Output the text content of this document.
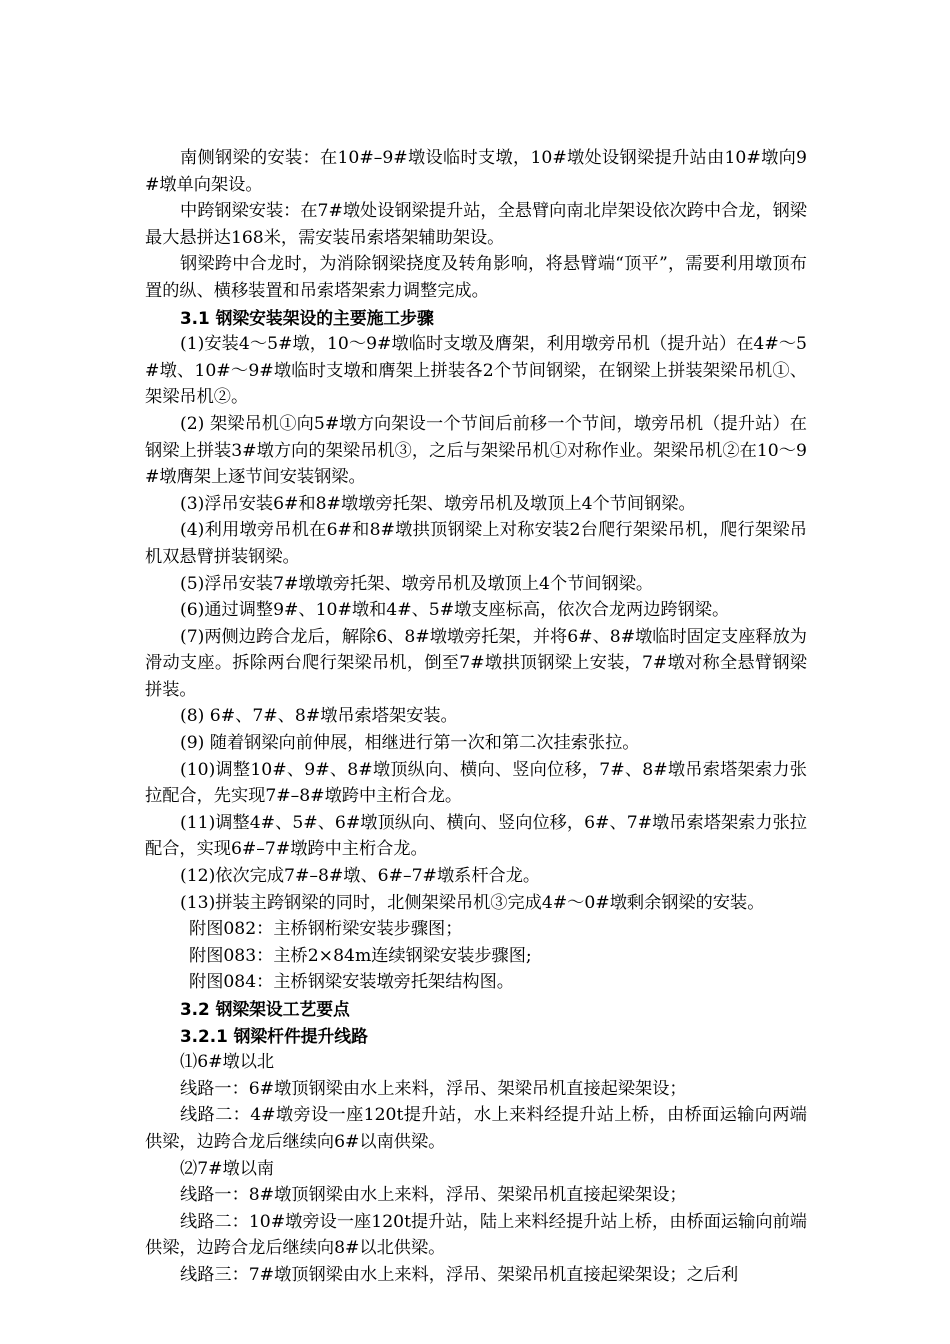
南侧钢梁的安装：在10#–9#墩设临时支墩，10#墩处设钢梁提升站由10#墩向9#墩单向架设。

中跨钢梁安装：在7#墩处设钢梁提升站，全悬臂向南北岸架设依次跨中合龙，钢梁最大悬拼达168米，需安装吊索塔架辅助架设。

钢梁跨中合龙时，为消除钢梁挠度及转角影响，将悬臂端“顶平”，需要利用墩顶布置的纵、横移装置和吊索塔架索力调整完成。

3.1 钢梁安装架设的主要施工步骤

(1)安装4～5#墩，10～9#墩临时支墩及膺架，利用墩旁吊机（提升站）在4#～5#墩、10#～9#墩临时支墩和膺架上拼装各2个节间钢梁，在钢梁上拼装架梁吊机①、架梁吊机②。

(2) 架梁吊机①向5#墩方向架设一个节间后前移一个节间，墩旁吊机（提升站）在钢梁上拼装3#墩方向的架梁吊机③，之后与架梁吊机①对称作业。架梁吊机②在10～9#墩膺架上逐节间安装钢梁。

(3)浮吊安装6#和8#墩墩旁托架、墩旁吊机及墩顶上4个节间钢梁。

(4)利用墩旁吊机在6#和8#墩拱顶钢梁上对称安装2台爬行架梁吊机，爬行架梁吊机双悬臂拼装钢梁。

(5)浮吊安装7#墩墩旁托架、墩旁吊机及墩顶上4个节间钢梁。

(6)通过调整9#、10#墩和4#、5#墩支座标高，依次合龙两边跨钢梁。

(7)两侧边跨合龙后，解除6、8#墩墩旁托架，并将6#、8#墩临时固定支座释放为滑动支座。拆除两台爬行架梁吊机，倒至7#墩拱顶钢梁上安装，7#墩对称全悬臂钢梁拼装。

(8) 6#、7#、8#墩吊索塔架安装。

(9) 随着钢梁向前伸展，相继进行第一次和第二次挂索张拉。

(10)调整10#、9#、8#墩顶纵向、横向、竖向位移，7#、8#墩吊索塔架索力张拉配合，先实现7#–8#墩跨中主桁合龙。

(11)调整4#、5#、6#墩顶纵向、横向、竖向位移，6#、7#墩吊索塔架索力张拉配合，实现6#–7#墩跨中主桁合龙。

(12)依次完成7#–8#墩、6#–7#墩系杆合龙。

(13)拼装主跨钢梁的同时，北侧架梁吊机③完成4#～0#墩剩余钢梁的安装。

附图082：主桥钢桁梁安装步骤图；

附图083：主桥2×84m连续钢梁安装步骤图;

附图084：主桥钢梁安装墩旁托架结构图。

3.2 钢梁架设工艺要点

3.2.1 钢梁杆件提升线路

⑴6#墩以北

线路一：6#墩顶钢梁由水上来料，浮吊、架梁吊机直接起梁架设；

线路二：4#墩旁设一座120t提升站，水上来料经提升站上桥，由桥面运输向两端供梁，边跨合龙后继续向6#以南供梁。

⑵7#墩以南

线路一：8#墩顶钢梁由水上来料，浮吊、架梁吊机直接起梁架设；

线路二：10#墩旁设一座120t提升站，陆上来料经提升站上桥，由桥面运输向前端供梁，边跨合龙后继续向8#以北供梁。

线路三：7#墩顶钢梁由水上来料，浮吊、架梁吊机直接起梁架设；之后利
